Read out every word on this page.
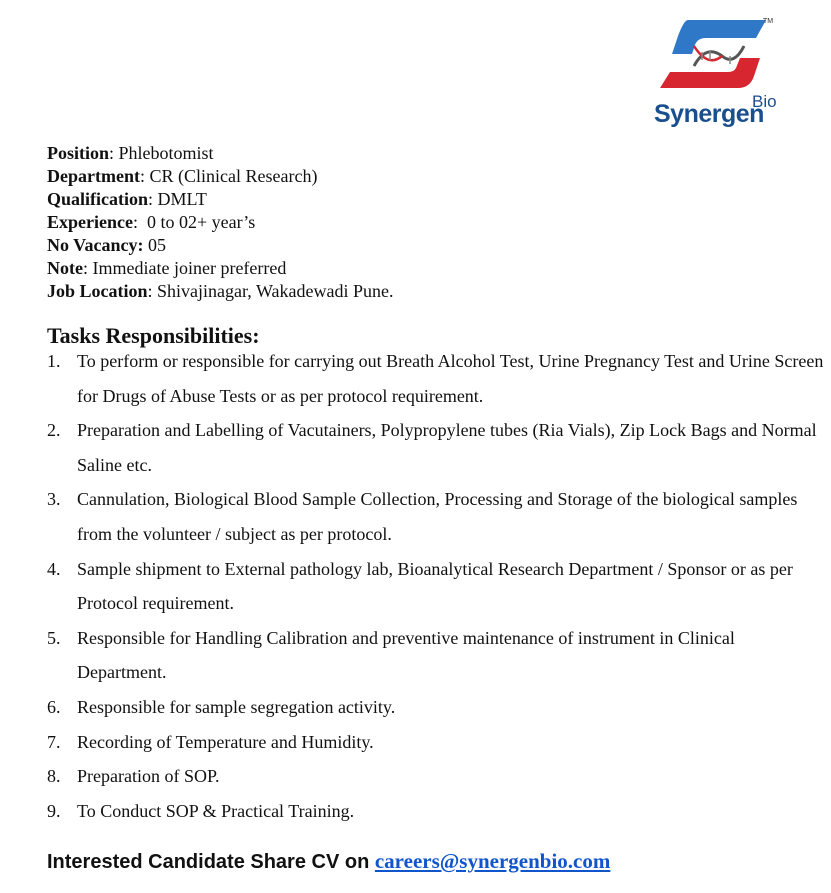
TM
Synergen
Bio
Position: Phlebotomist
Department: CR (Clinical Research)
Qualification: DMLT
Experience:  0 to 02+ year’s
No Vacancy: 05
Note: Immediate joiner preferred
Job Location: Shivajinagar, Wakadewadi Pune.
Tasks Responsibilities:
1. To perform or responsible for carrying out Breath Alcohol Test, Urine Pregnancy Test and Urine Screen for Drugs of Abuse Tests or as per protocol requirement.
2. Preparation and Labelling of Vacutainers, Polypropylene tubes (Ria Vials), Zip Lock Bags and Normal Saline etc.
3. Cannulation, Biological Blood Sample Collection, Processing and Storage of the biological samples from the volunteer / subject as per protocol.
4. Sample shipment to External pathology lab, Bioanalytical Research Department / Sponsor or as per Protocol requirement.
5. Responsible for Handling Calibration and preventive maintenance of instrument in Clinical Department.
6. Responsible for sample segregation activity.
7. Recording of Temperature and Humidity.
8. Preparation of SOP.
9. To Conduct SOP & Practical Training.
Interested Candidate Share CV on careers@synergenbio.com
